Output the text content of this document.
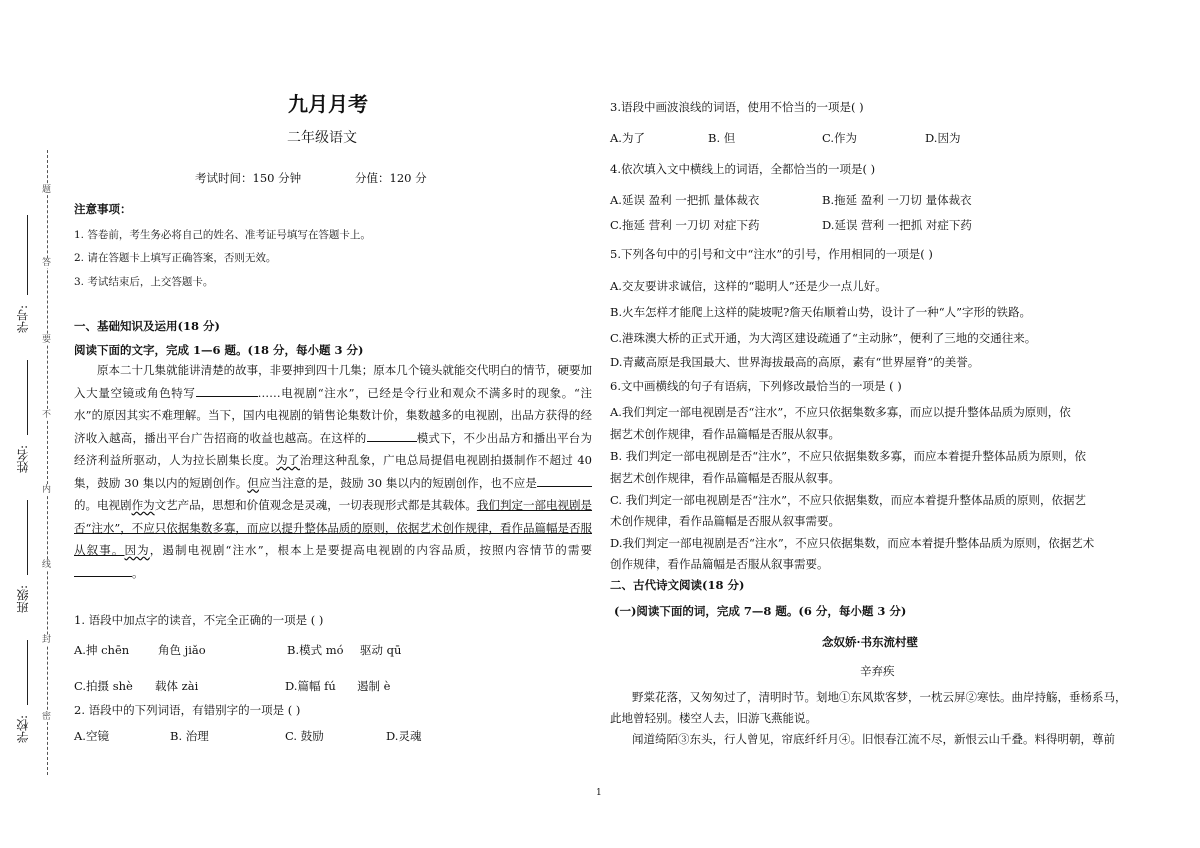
题
答
要
不
内
线
封
密
学校:
班级:
姓名:
学号:
九月月考
二年级语文
考试时间：150 分钟	分值：120 分
注意事项：
1. 答卷前，考生务必将自己的姓名、准考证号填写在答题卡上。
2. 请在答题卡上填写正确答案，否则无效。
3. 考试结束后，上交答题卡。
一、基础知识及运用(18 分)
阅读下面的文字，完成 1—6 题。(18 分，每小题 3 分)
原本二十几集就能讲清楚的故事，非要抻到四十几集；原本几个镜头就能交代明白的情节，硬要加入大量空镜或角色特写	……电视剧“注水”，已经是令行业和观众不满多时的现象。“注水”的原因其实不难理解。当下，国内电视剧的销售论集数计价，集数越多的电视剧，出品方获得的经济收入越高，播出平台广告招商的收益也越高。在这样的	模式下，不少出品方和播出平台为经济利益所驱动，人为拉长剧集长度。为了治理这种乱象，广电总局提倡电视剧拍摄制作不超过 40 集，鼓励 30 集以内的短剧创作。但应当注意的是，鼓励 30 集以内的短剧创作，也不应是的。电视剧作为文艺产品，思想和价值观念是灵魂，一切表现形式都是其载体。我们判定一部电视剧是否“注水”，不应只依据集数多寡，而应以提升整体品质的原则，依据艺术创作规律，看作品篇幅是否服从叙事。因为，遏制电视剧“注水”，根本上是要提高电视剧的内容品质，按照内容情节的需要。
1. 语段中加点字的读音，不完全正确的一项是 ( )
A.抻 chēn	角色 jiǎo	B.模式 mó 驱动 qū
C.拍摄 shè 载体 zài	D.篇幅 fú 遏制 è
2. 语段中的下列词语，有错别字的一项是 ( )
A.空镜	B. 治理	C. 鼓励	D.灵魂
3.语段中画波浪线的词语，使用不恰当的一项是( )
A.为了	B. 但	C.作为	D.因为
4.依次填入文中横线上的词语，全都恰当的一项是( )
A.延误 盈利 一把抓 量体裁衣	B.拖延 盈利 一刀切 量体裁衣
C.拖延 营利 一刀切 对症下药	D.延误 营利 一把抓 对症下药
5.下列各句中的引号和文中“注水”的引号，作用相同的一项是( )
A.交友要讲求诚信，这样的“聪明人”还是少一点儿好。
B.火车怎样才能爬上这样的陡坡呢?詹天佑顺着山势，设计了一种“人”字形的铁路。
C.港珠澳大桥的正式开通，为大湾区建设疏通了“主动脉”，便利了三地的交通往来。
D.青藏高原是我国最大、世界海拔最高的高原，素有“世界屋脊”的美誉。
6.文中画横线的句子有语病，下列修改最恰当的一项是 ( )
A.我们判定一部电视剧是否“注水”，不应只依据集数多寡，而应以提升整体品质为原则，依
据艺术创作规律，看作品篇幅是否服从叙事。
B. 我们判定一部电视剧是否“注水”，不应只依据集数多寡，而应本着提升整体品质为原则，依
据艺术创作规律，看作品篇幅是否服从叙事。
C. 我们判定一部电视剧是否“注水”，不应只依据集数，而应本着提升整体品质的原则，依据艺
术创作规律，看作品篇幅是否服从叙事需要。
D.我们判定一部电视剧是否“注水”，不应只依据集数，而应本着提升整体品质为原则，依据艺术
创作规律，看作品篇幅是否服从叙事需要。
二、古代诗文阅读(18 分)
(一)阅读下面的词，完成 7—8 题。(6 分，每小题 3 分)
念奴娇·书东流村壁
辛弃疾
野棠花落，又匆匆过了，清明时节。刬地①东风欺客梦，一枕云屏②寒怯。曲岸持觞，垂杨系马，
此地曾轻别。楼空人去，旧游飞燕能说。
闻道绮陌③东头，行人曾见，帘底纤纤月④。旧恨春江流不尽，新恨云山千叠。料得明朝，尊前
1
